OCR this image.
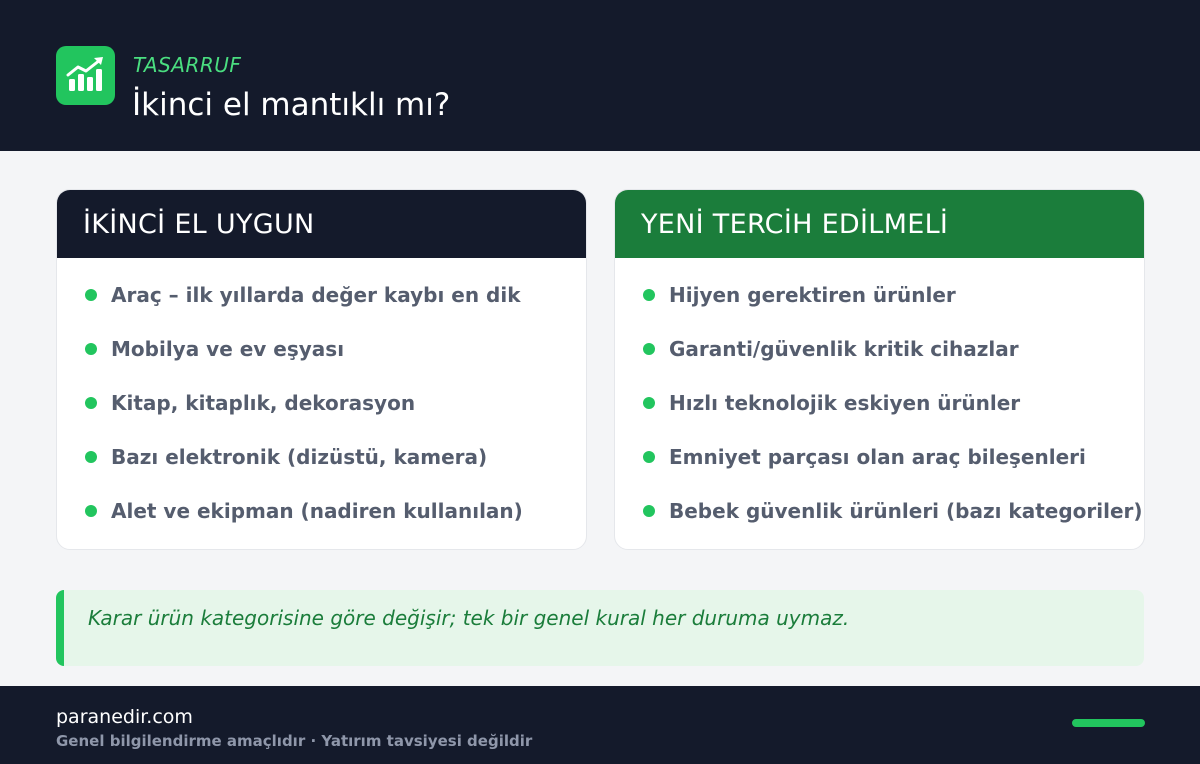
TASARRUF
İkinci el mantıklı mı?
İKİNCİ EL UYGUN
Araç – ilk yıllarda değer kaybı en dik
Mobilya ve ev eşyası
Kitap, kitaplık, dekorasyon
Bazı elektronik (dizüstü, kamera)
Alet ve ekipman (nadiren kullanılan)
YENİ TERCİH EDİLMELİ
Hijyen gerektiren ürünler
Garanti/güvenlik kritik cihazlar
Hızlı teknolojik eskiyen ürünler
Emniyet parçası olan araç bileşenleri
Bebek güvenlik ürünleri (bazı kategoriler)
Karar ürün kategorisine göre değişir; tek bir genel kural her duruma uymaz.
paranedir.com
Genel bilgilendirme amaçlıdır · Yatırım tavsiyesi değildir
